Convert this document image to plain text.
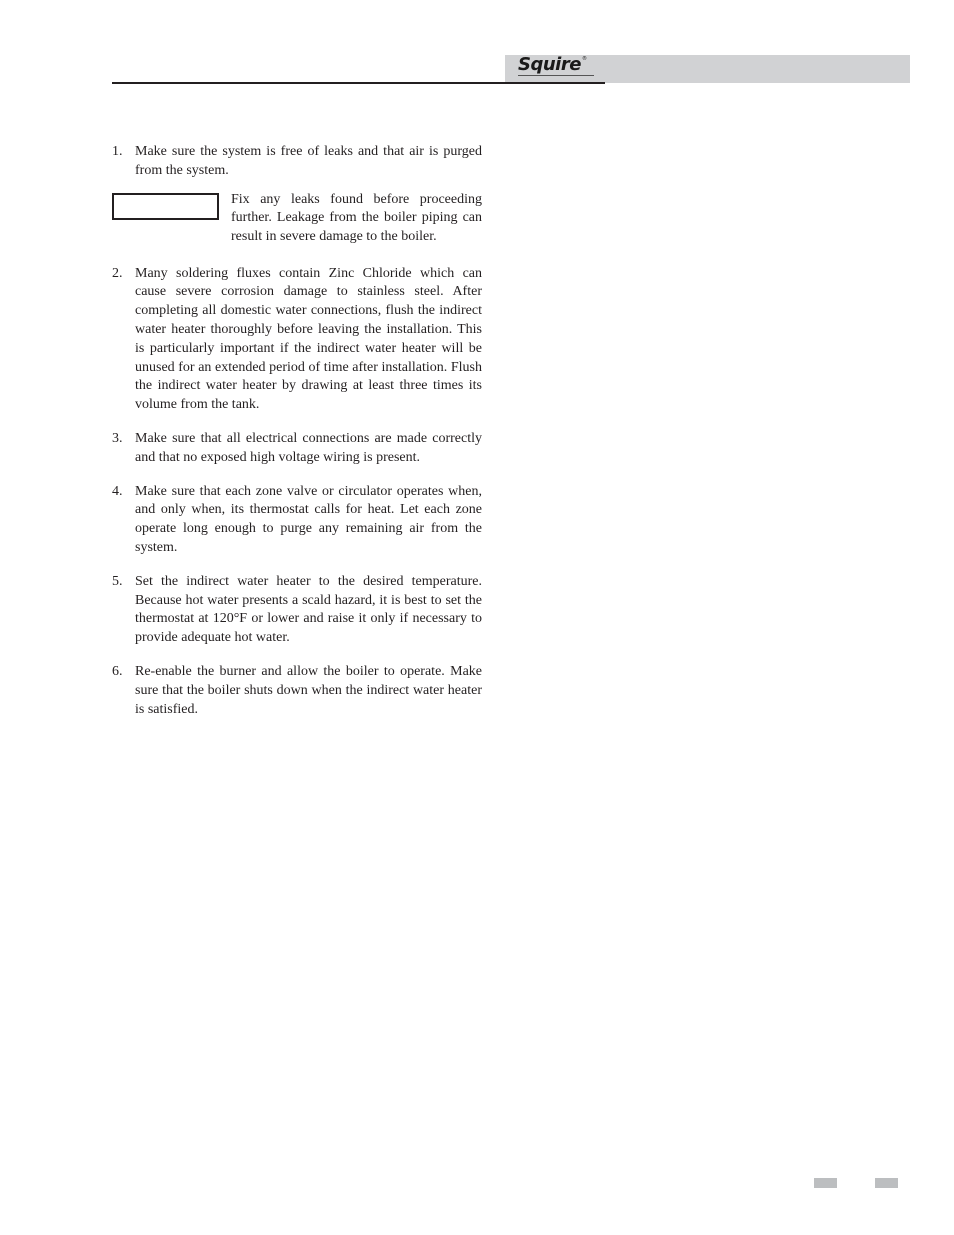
Squire ®
1. Make sure the system is free of leaks and that air is purged from the system.
Fix any leaks found before proceeding further. Leakage from the boiler piping can result in severe damage to the boiler.
2. Many soldering fluxes contain Zinc Chloride which can cause severe corrosion damage to stainless steel. After completing all domestic water connections, flush the indirect water heater thoroughly before leaving the installation. This is particularly important if the indirect water heater will be unused for an extended period of time after installation. Flush the indirect water heater by drawing at least three times its volume from the tank.
3. Make sure that all electrical connections are made correctly and that no exposed high voltage wiring is present.
4. Make sure that each zone valve or circulator operates when, and only when, its thermostat calls for heat. Let each zone operate long enough to purge any remaining air from the system.
5. Set the indirect water heater to the desired temperature. Because hot water presents a scald hazard, it is best to set the thermostat at 120°F or lower and raise it only if necessary to provide adequate hot water.
6. Re-enable the burner and allow the boiler to operate. Make sure that the boiler shuts down when the indirect water heater is satisfied.
